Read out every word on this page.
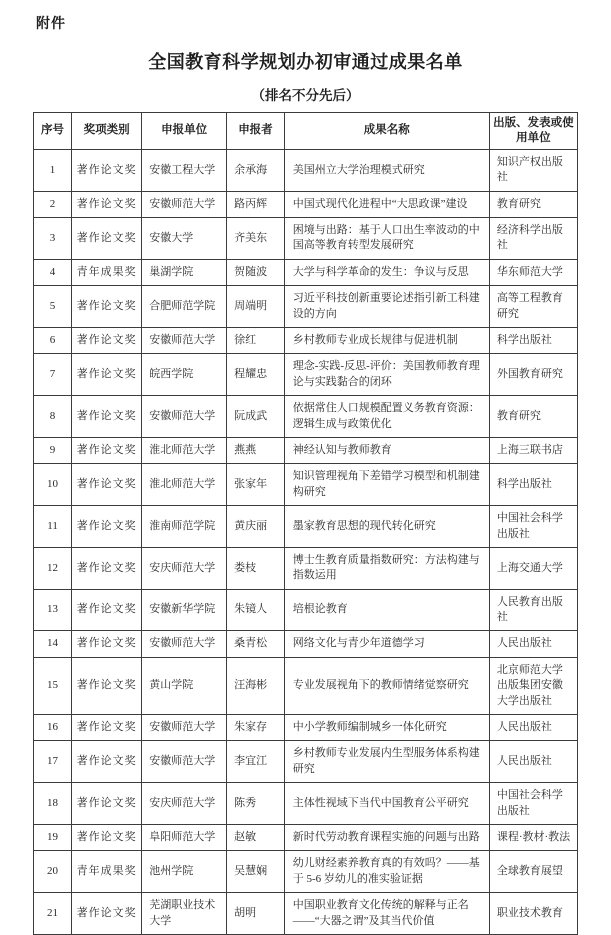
附件
全国教育科学规划办初审通过成果名单
（排名不分先后）
序号	奖项类别	申报单位	申报者	成果名称	出版、发表或使用单位
1	著作论文奖	安徽工程大学	余承海	美国州立大学治理模式研究	知识产权出版社
2	著作论文奖	安徽师范大学	路丙辉	中国式现代化进程中“大思政课”建设	教育研究
3	著作论文奖	安徽大学	齐美东	困境与出路：基于人口出生率波动的中国高等教育转型发展研究	经济科学出版社
4	青年成果奖	巢湖学院	贺随波	大学与科学革命的发生：争议与反思	华东师范大学
5	著作论文奖	合肥师范学院	周端明	习近平科技创新重要论述指引新工科建设的方向	高等工程教育研究
6	著作论文奖	安徽师范大学	徐红	乡村教师专业成长规律与促进机制	科学出版社
7	著作论文奖	皖西学院	程耀忠	理念-实践-反思-评价：美国教师教育理论与实践黏合的闭环	外国教育研究
8	著作论文奖	安徽师范大学	阮成武	依据常住人口规模配置义务教育资源：逻辑生成与政策优化	教育研究
9	著作论文奖	淮北师范大学	燕燕	神经认知与教师教育	上海三联书店
10	著作论文奖	淮北师范大学	张家年	知识管理视角下差错学习模型和机制建构研究	科学出版社
11	著作论文奖	淮南师范学院	黄庆丽	墨家教育思想的现代转化研究	中国社会科学出版社
12	著作论文奖	安庆师范大学	娄枝	博士生教育质量指数研究：方法构建与指数运用	上海交通大学
13	著作论文奖	安徽新华学院	朱镜人	培根论教育	人民教育出版社
14	著作论文奖	安徽师范大学	桑青松	网络文化与青少年道德学习	人民出版社
15	著作论文奖	黄山学院	汪海彬	专业发展视角下的教师情绪觉察研究	北京师范大学出版集团安徽大学出版社
16	著作论文奖	安徽师范大学	朱家存	中小学教师编制城乡一体化研究	人民出版社
17	著作论文奖	安徽师范大学	李宜江	乡村教师专业发展内生型服务体系构建研究	人民出版社
18	著作论文奖	安庆师范大学	陈秀	主体性视域下当代中国教育公平研究	中国社会科学出版社
19	著作论文奖	阜阳师范大学	赵敏	新时代劳动教育课程实施的问题与出路	课程·教材·教法
20	青年成果奖	池州学院	吴慧娴	幼儿财经素养教育真的有效吗？——基于 5-6 岁幼儿的准实验证据	全球教育展望
21	著作论文奖	芜湖职业技术大学	胡明	中国职业教育文化传统的解释与正名——“大器之谓”及其当代价值	职业技术教育
